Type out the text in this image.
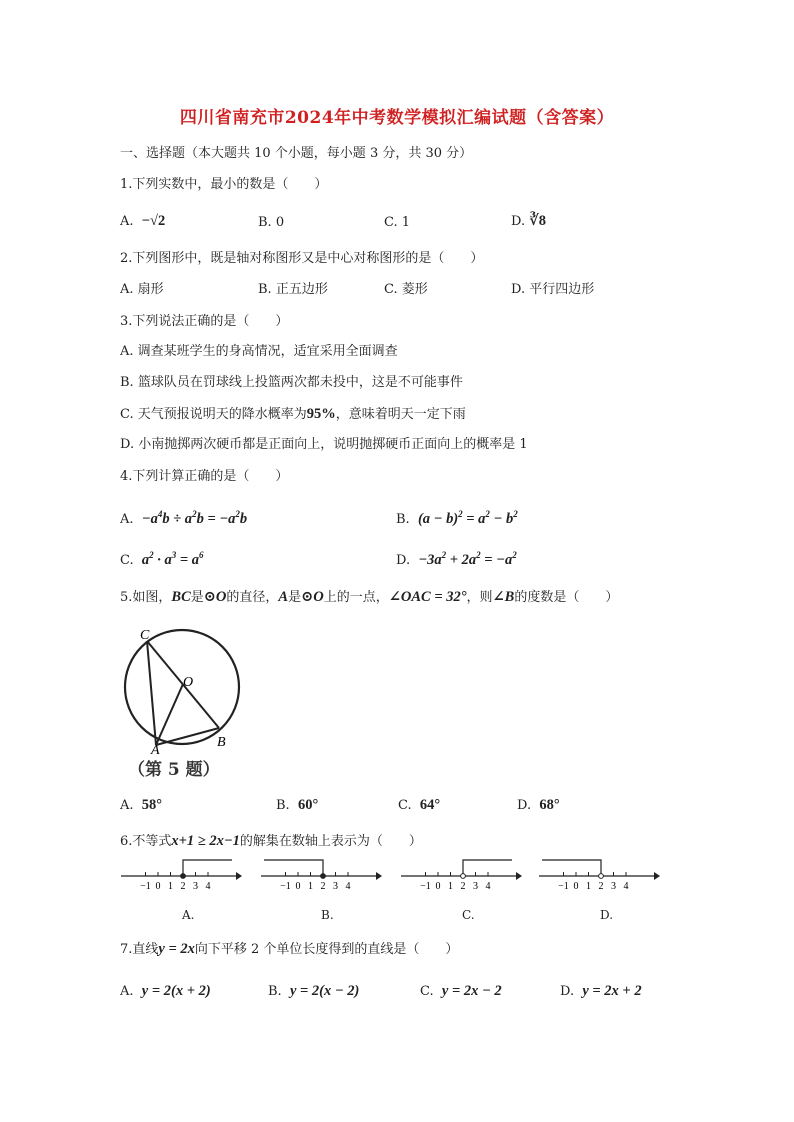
四川省南充市2024年中考数学模拟汇编试题（含答案）
一、选择题（本大题共 10 个小题，每小题 3 分，共 30 分）
1.下列实数中，最小的数是（　　）
A. −√2	B. 0	C. 1	D. ∛8
2.下列图形中，既是轴对称图形又是中心对称图形的是（　　）
A. 扇形	B. 正五边形	C. 菱形	D. 平行四边形
3.下列说法正确的是（　　）
A. 调查某班学生的身高情况，适宜采用全面调查
B. 篮球队员在罚球线上投篮两次都未投中，这是不可能事件
C. 天气预报说明天的降水概率为95%，意味着明天一定下雨
D. 小南抛掷两次硬币都是正面向上，说明抛掷硬币正面向上的概率是 1
4.下列计算正确的是（　　）
A. $-a^4b \div a^2b = -a^2b$	B. $(a - b)^2 = a^2 - b^2$
C. $a^2 \cdot a^3 = a^6$	D. $-3a^2 + 2a^2 = -a^2$
5.如图，BC是⊙O的直径，A是⊙O上的一点，∠OAC = 32°，则∠B的度数是（　　）
C
O
A
B
（第 5 题）
A. 58°	B. 60°	C. 64°	D. 68°
6.不等式x+1 ≥ 2x−1的解集在数轴上表示为（　　）
−1 0 1 2 3 4	−1 0 1 2 3 4	−1 0 1 2 3 4	−1 0 1 2 3 4
A.	B.	C.	D.
7.直线y = 2x向下平移 2 个单位长度得到的直线是（　　）
A. y = 2(x + 2)	B. y = 2(x − 2)	C. y = 2x − 2	D. y = 2x + 2
